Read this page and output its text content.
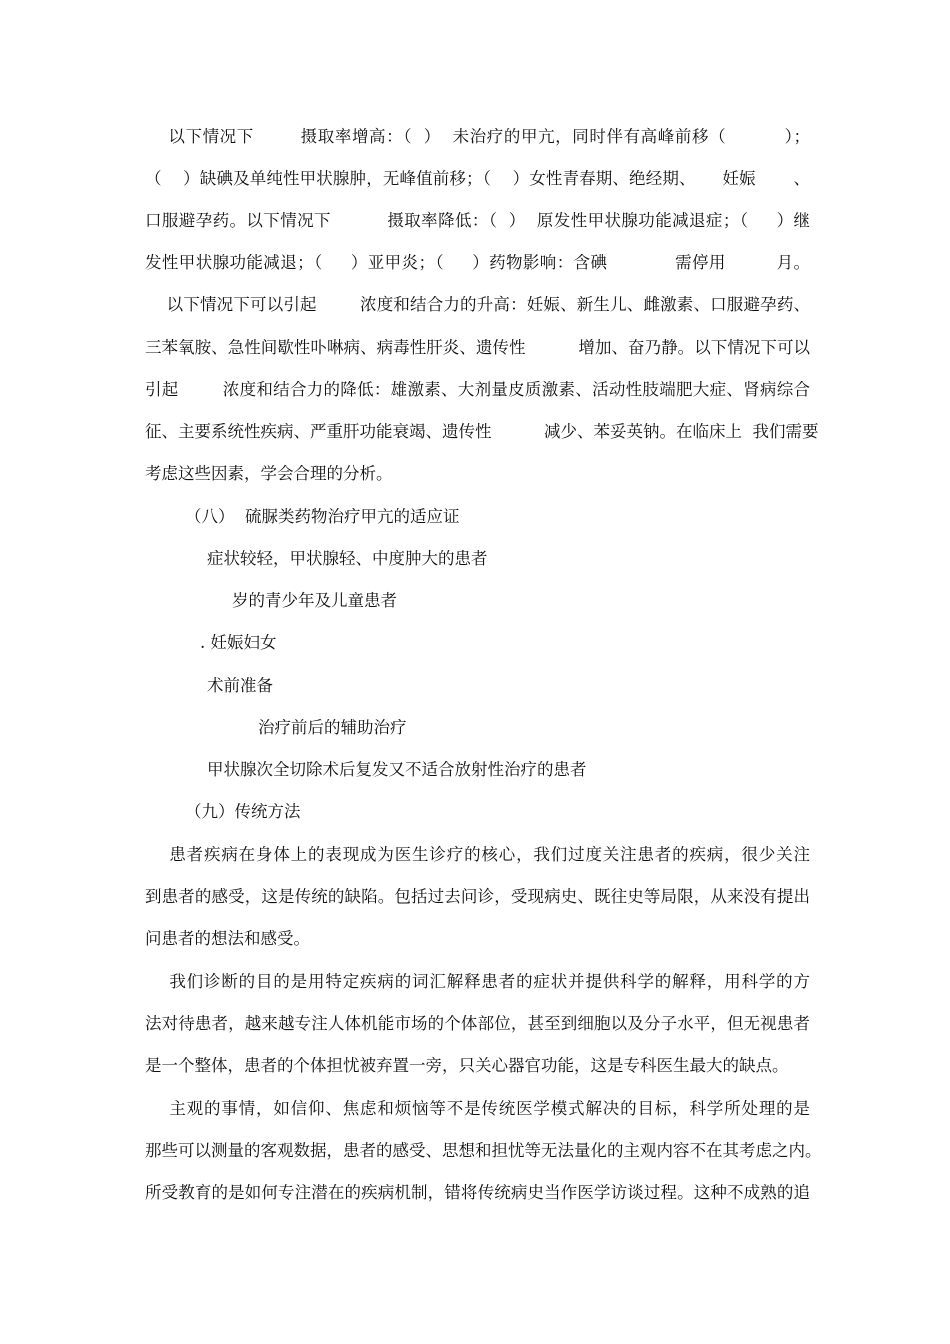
以下情况下        摄取率增高：（  ）  未治疗的甲亢，同时伴有高峰前移（          ）；
（    ）缺碘及单纯性甲状腺肿，无峰值前移；（    ）女性青春期、绝经期、     妊娠       、
口服避孕药。以下情况下          摄取率降低：（  ）  原发性甲状腺功能减退症；（     ）继
发性甲状腺功能减退；（     ）亚甲炎；（     ）药物影响：含碘            需停用         月。
以下情况下可以引起        浓度和结合力的升高：妊娠、新生儿、雌激素、口服避孕药、
三苯氧胺、急性间歇性卟啉病、病毒性肝炎、遗传性          增加、奋乃静。以下情况下可以
引起        浓度和结合力的降低：雄激素、大剂量皮质激素、活动性肢端肥大症、肾病综合
征、主要系统性疾病、严重肝功能衰竭、遗传性          减少、苯妥英钠。在临床上  我们需要
考虑这些因素，学会合理的分析。
（八）  硫脲类药物治疗甲亢的适应证
症状较轻，甲状腺轻、中度肿大的患者
岁的青少年及儿童患者
. 妊娠妇女
术前准备
治疗前后的辅助治疗
甲状腺次全切除术后复发又不适合放射性治疗的患者
（九）传统方法
患者疾病在身体上的表现成为医生诊疗的核心，我们过度关注患者的疾病，很少关注
到患者的感受，这是传统的缺陷。包括过去问诊，受现病史、既往史等局限，从来没有提出
问患者的想法和感受。
我们诊断的目的是用特定疾病的词汇解释患者的症状并提供科学的解释，用科学的方
法对待患者，越来越专注人体机能市场的个体部位，甚至到细胞以及分子水平，但无视患者
是一个整体，患者的个体担忧被弃置一旁，只关心器官功能，这是专科医生最大的缺点。
主观的事情，如信仰、焦虑和烦恼等不是传统医学模式解决的目标，科学所处理的是
那些可以测量的客观数据，患者的感受、思想和担忧等无法量化的主观内容不在其考虑之内。
所受教育的是如何专注潜在的疾病机制，错将传统病史当作医学访谈过程。这种不成熟的追
